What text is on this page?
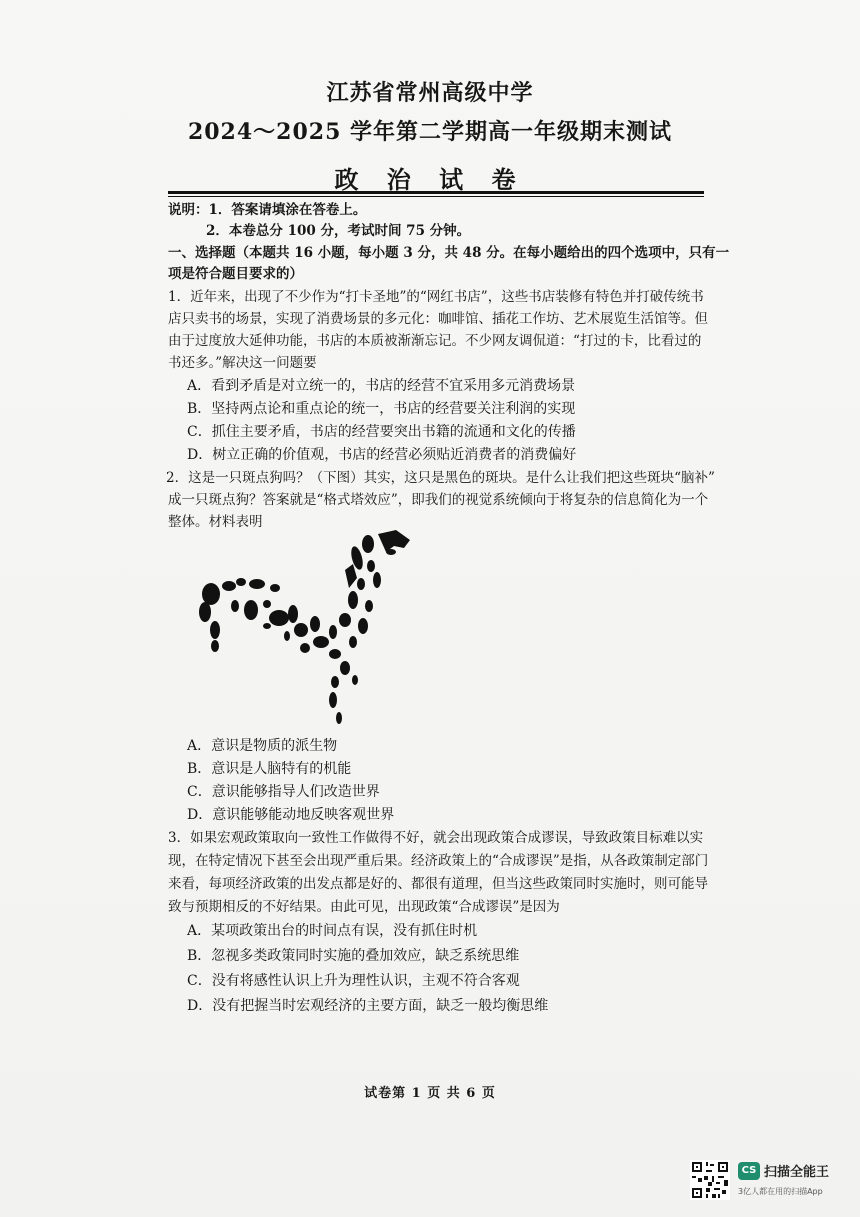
江苏省常州高级中学
2024～2025 学年第二学期高一年级期末测试
政 治 试 卷
说明：1．答案请填涂在答卷上。
2．本卷总分 100 分，考试时间 75 分钟。
一、选择题（本题共 16 小题，每小题 3 分，共 48 分。在每小题给出的四个选项中，只有一
项是符合题目要求的）
1．近年来，出现了不少作为“打卡圣地”的“网红书店”，这些书店装修有特色并打破传统书
店只卖书的场景，实现了消费场景的多元化：咖啡馆、插花工作坊、艺术展览生活馆等。但
由于过度放大延伸功能，书店的本质被渐渐忘记。不少网友调侃道：“打过的卡，比看过的
书还多。”解决这一问题要
A．看到矛盾是对立统一的，书店的经营不宜采用多元消费场景
B．坚持两点论和重点论的统一，书店的经营要关注利润的实现
C．抓住主要矛盾，书店的经营要突出书籍的流通和文化的传播
D．树立正确的价值观，书店的经营必须贴近消费者的消费偏好
2．这是一只斑点狗吗？（下图）其实，这只是黑色的斑块。是什么让我们把这些斑块“脑补”
成一只斑点狗？答案就是“格式塔效应”，即我们的视觉系统倾向于将复杂的信息简化为一个
整体。材料表明
A．意识是物质的派生物
B．意识是人脑特有的机能
C．意识能够指导人们改造世界
D．意识能够能动地反映客观世界
3．如果宏观政策取向一致性工作做得不好，就会出现政策合成谬误，导致政策目标难以实
现，在特定情况下甚至会出现严重后果。经济政策上的“合成谬误”是指，从各政策制定部门
来看，每项经济政策的出发点都是好的、都很有道理，但当这些政策同时实施时，则可能导
致与预期相反的不好结果。由此可见，出现政策“合成谬误”是因为
A．某项政策出台的时间点有误，没有抓住时机
B．忽视多类政策同时实施的叠加效应，缺乏系统思维
C．没有将感性认识上升为理性认识，主观不符合客观
D．没有把握当时宏观经济的主要方面，缺乏一般均衡思维
试卷第 1 页 共 6 页
CS 扫描全能王
3亿人都在用的扫描App
